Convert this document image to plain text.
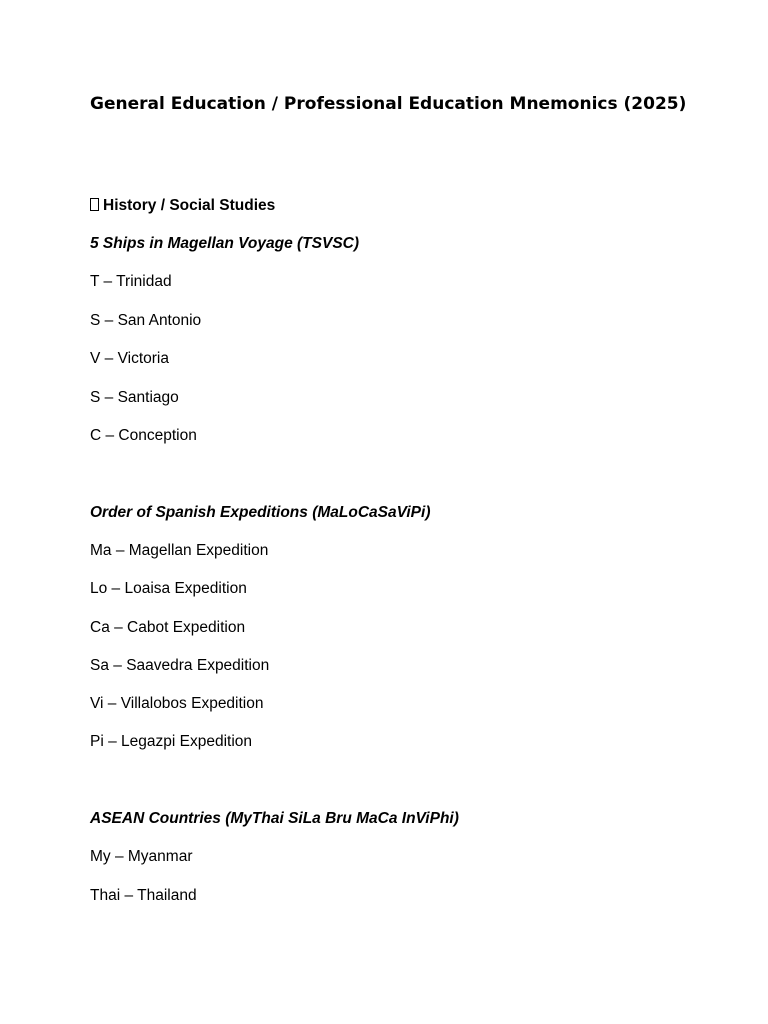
General Education / Professional Education Mnemonics (2025)

History / Social Studies

5 Ships in Magellan Voyage (TSVSC)

T – Trinidad

S – San Antonio

V – Victoria

S – Santiago

C – Conception

Order of Spanish Expeditions (MaLoCaSaViPi)

Ma – Magellan Expedition

Lo – Loaisa Expedition

Ca – Cabot Expedition

Sa – Saavedra Expedition

Vi – Villalobos Expedition

Pi – Legazpi Expedition

ASEAN Countries (MyThai SiLa Bru MaCa InViPhi)

My – Myanmar

Thai – Thailand
